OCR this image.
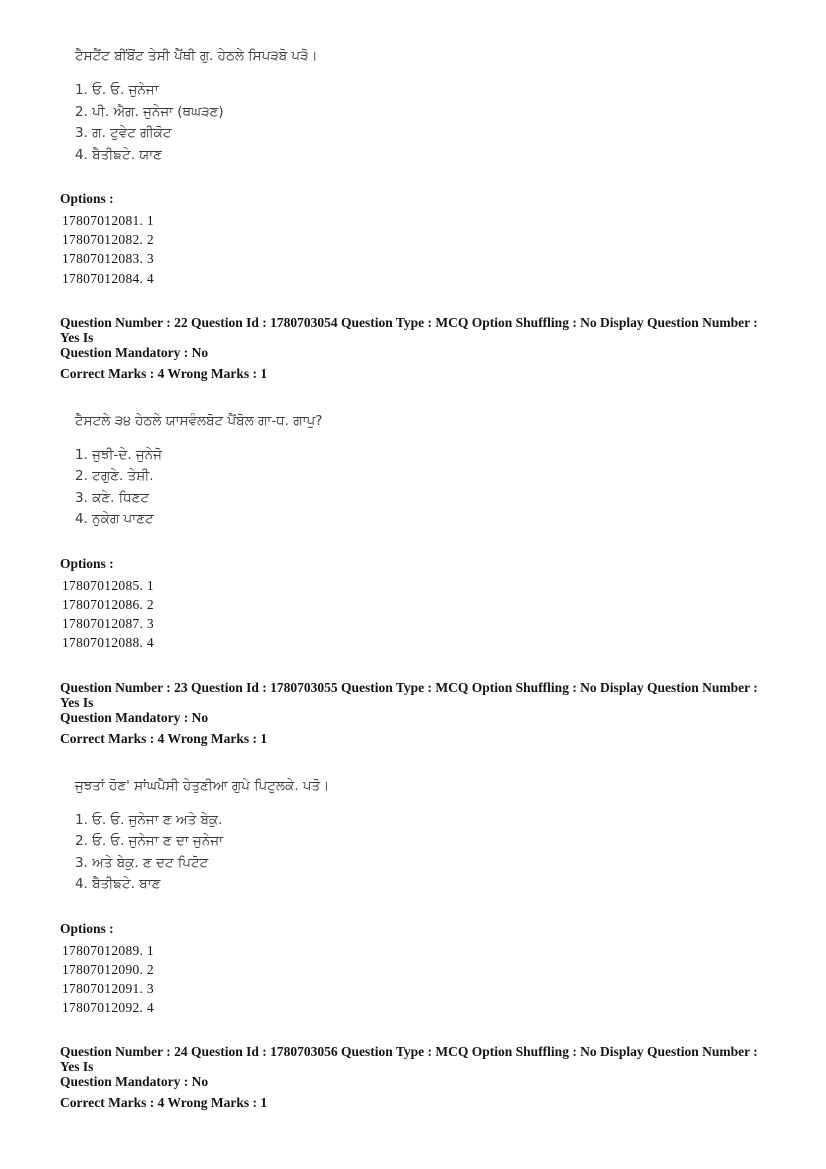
ਟੈਸਟੈਂਟ ਬੀਂਬੋਂਟ ਤੇਸੀ ਪੈਂਥੀ ਗੁ. ਹੇਠਲੇ ਸਿਪ੩ਬੋ ਪ੩ੋ।

1. ਓ. ਓ. ਜੁਨੇਜਾ
2. ਪੀ. ਐਗ. ਜੁਨੇਜਾ (ਥਘ੩ਣ)
3. ਗ. ਟੁਵੇਟ ਗੀਕੋਟ
4. ਬੈਤੀਙਟੇ. ਯਾਣ

Options :

17807012081. 1
17807012082. 2
17807012083. 3
17807012084. 4

Question Number : 22 Question Id : 1780703054 Question Type : MCQ Option Shuffling : No Display Question Number : Yes Is
Question Mandatory : No

Correct Marks : 4 Wrong Marks : 1

ਟੈਸਟਲੇ ੩੪ ਹੇਠਲੇ ਯਾਸਵੰਲਬੋਟ ਪੈਂਬੋਲ ਗਾ-ਧ. ਗਾਪੁ?

1. ਜੁਝੀ-ਦੇ. ਜੁਨੇਜੋ
2. ਟਗੁਣੇ. ਤੇਸ਼ੀ.
3. ਕਣੇ. ਧਿਣਟ
4. ਨੁਕੇਗ ਪਾਣਟ

Options :

17807012085. 1
17807012086. 2
17807012087. 3
17807012088. 4

Question Number : 23 Question Id : 1780703055 Question Type : MCQ Option Shuffling : No Display Question Number : Yes Is
Question Mandatory : No

Correct Marks : 4 Wrong Marks : 1

ਜੁਝਤਾਂ ਹੋਣ' ਸਾਂਘਪੈਸੀ ਹੇਤੁਣੀਆ ਗੁਪੇ ਪਿਟੁਲਕੇ. ਪਤੋ।

1. ਓ. ਓ. ਜੁਨੇਜਾ ਣ ਅਤੇ ਬੇਕੁ.
2. ਓ. ਓ. ਜੁਨੇਜਾ ਣ ਦਾ ਜੁਨੇਜਾ
3. ਅਤੇ ਬੇਕੁ. ਣ ਦਟ ਪਿਟੋਟ
4. ਬੈਤੀਙਟੇ. ਬਾਣ

Options :

17807012089. 1
17807012090. 2
17807012091. 3
17807012092. 4

Question Number : 24 Question Id : 1780703056 Question Type : MCQ Option Shuffling : No Display Question Number : Yes Is
Question Mandatory : No

Correct Marks : 4 Wrong Marks : 1
